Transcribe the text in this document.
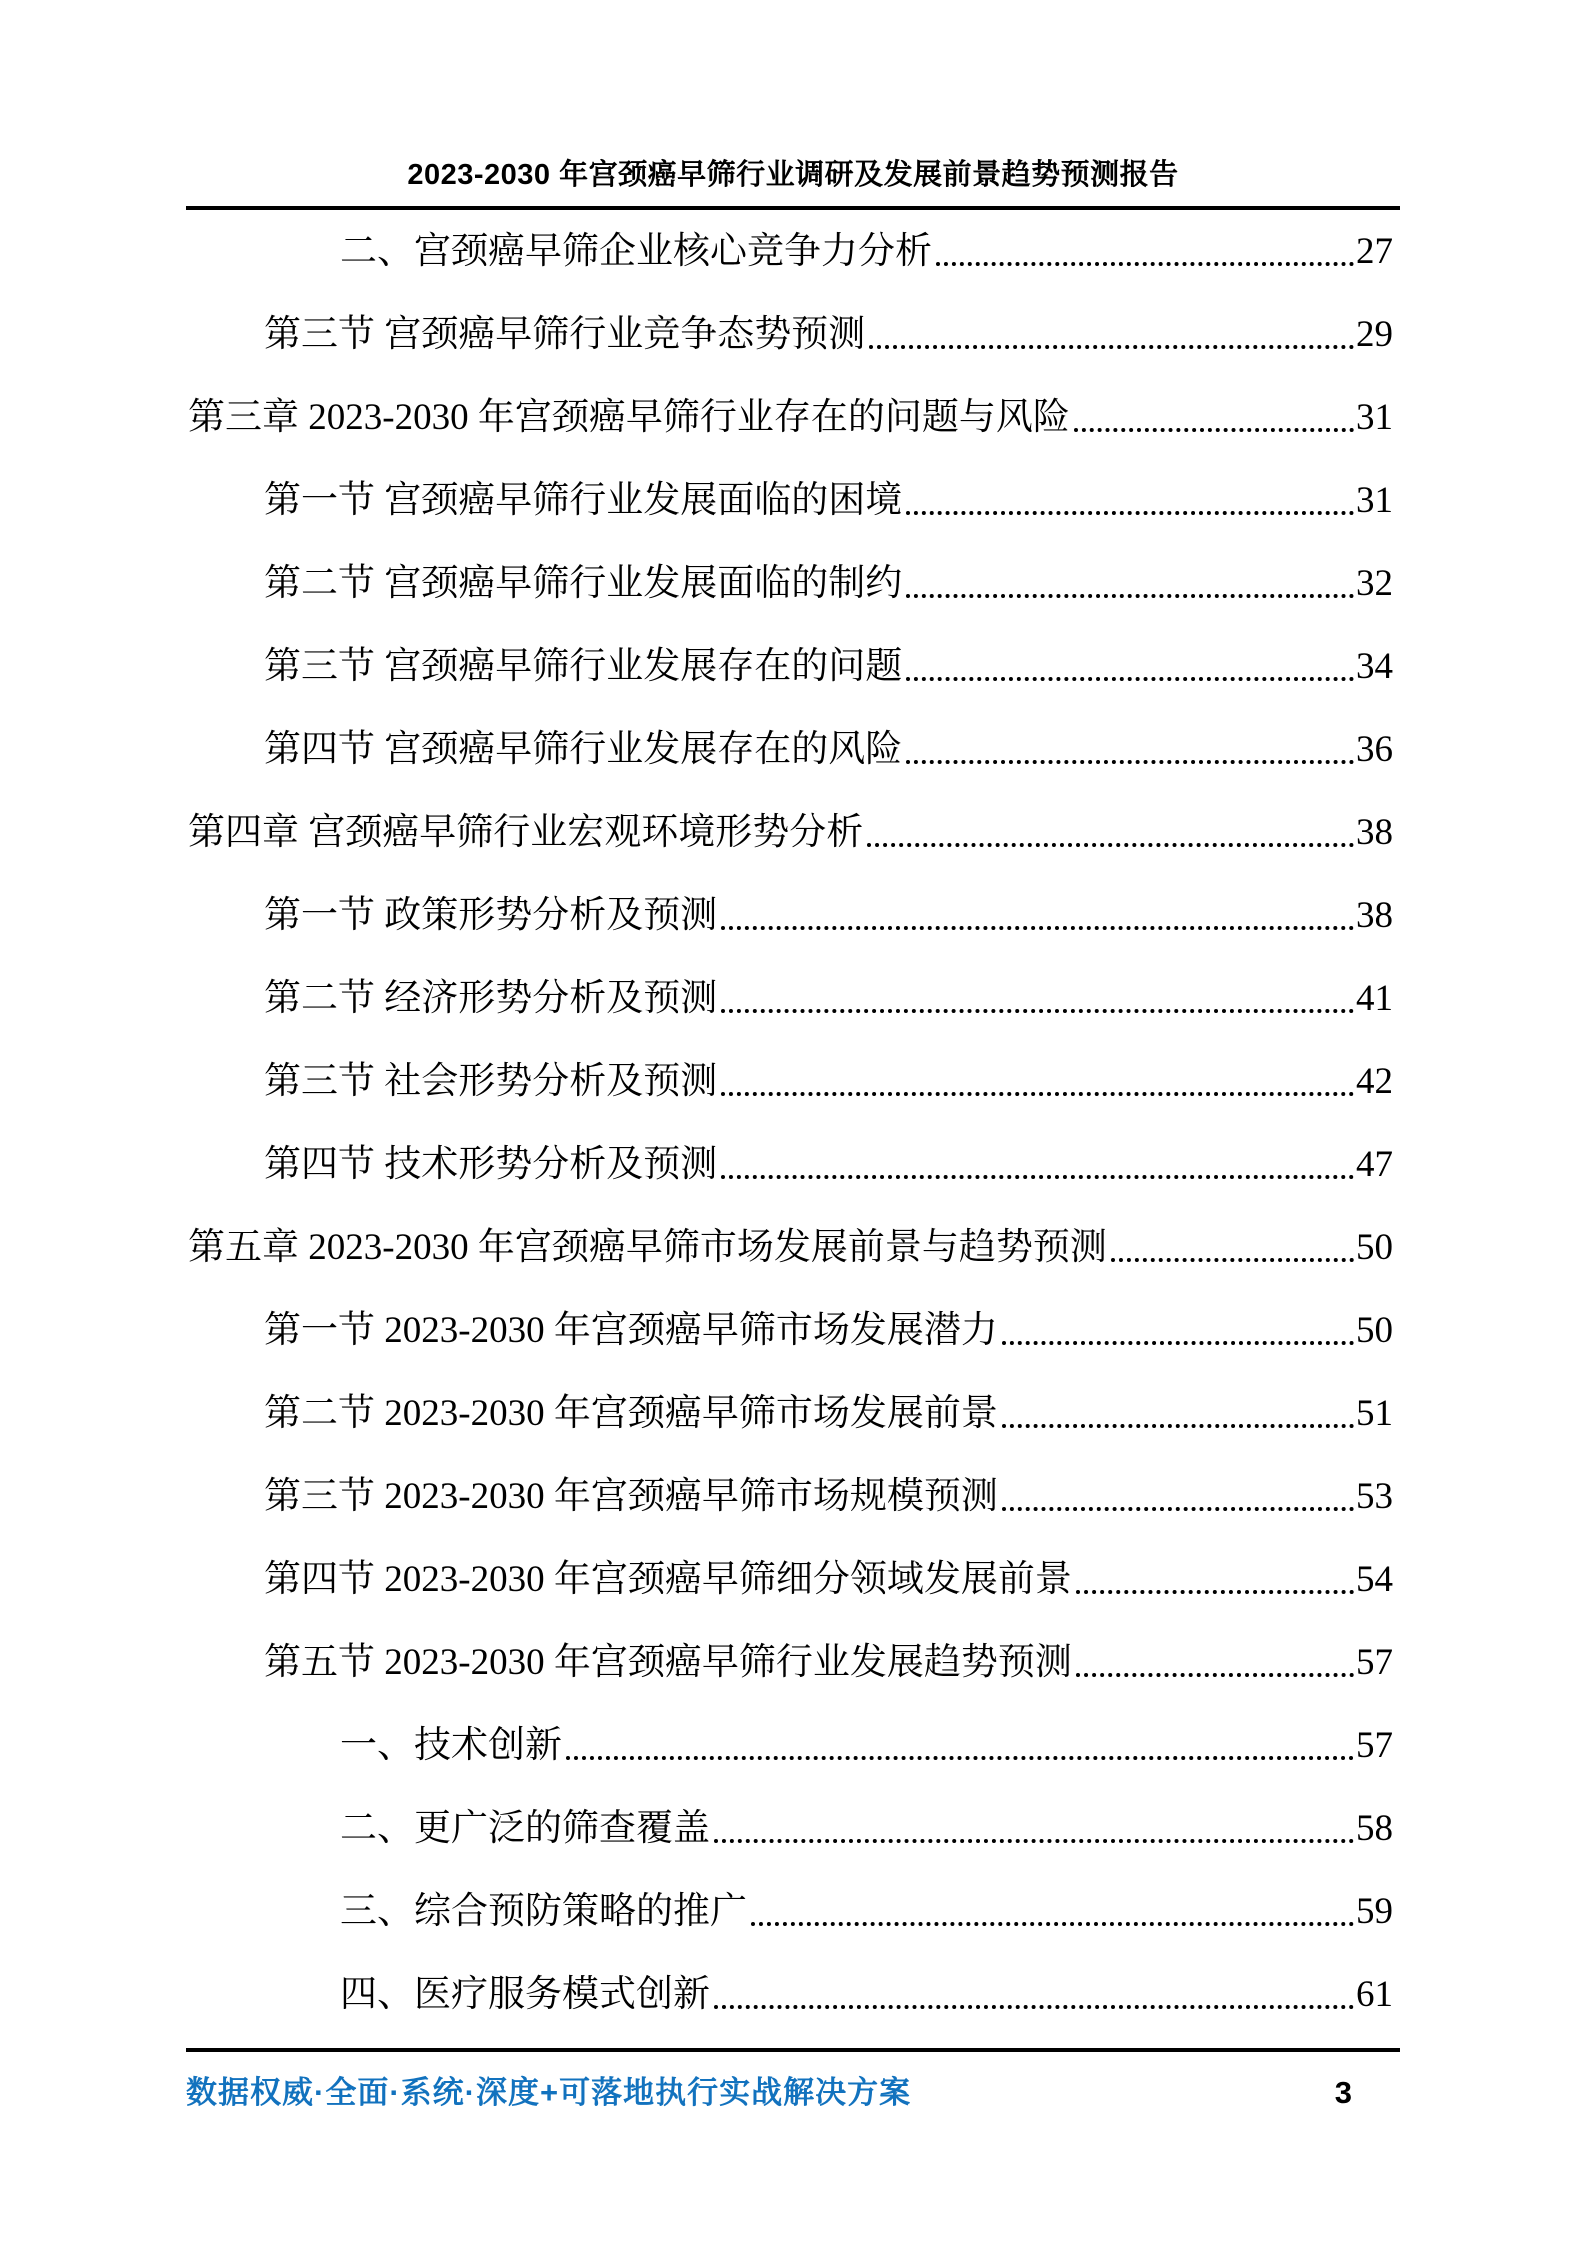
2023-2030 年宫颈癌早筛行业调研及发展前景趋势预测报告
二、宫颈癌早筛企业核心竞争力分析	27
第三节 宫颈癌早筛行业竞争态势预测	29
第三章 2023-2030 年宫颈癌早筛行业存在的问题与风险	31
第一节 宫颈癌早筛行业发展面临的困境	31
第二节 宫颈癌早筛行业发展面临的制约	32
第三节 宫颈癌早筛行业发展存在的问题	34
第四节 宫颈癌早筛行业发展存在的风险	36
第四章 宫颈癌早筛行业宏观环境形势分析	38
第一节 政策形势分析及预测	38
第二节 经济形势分析及预测	41
第三节 社会形势分析及预测	42
第四节 技术形势分析及预测	47
第五章 2023-2030 年宫颈癌早筛市场发展前景与趋势预测	50
第一节 2023-2030 年宫颈癌早筛市场发展潜力	50
第二节 2023-2030 年宫颈癌早筛市场发展前景	51
第三节 2023-2030 年宫颈癌早筛市场规模预测	53
第四节 2023-2030 年宫颈癌早筛细分领域发展前景	54
第五节 2023-2030 年宫颈癌早筛行业发展趋势预测	57
一、技术创新	57
二、更广泛的筛查覆盖	58
三、综合预防策略的推广	59
四、医疗服务模式创新	61
数据权威·全面·系统·深度+可落地执行实战解决方案	3
